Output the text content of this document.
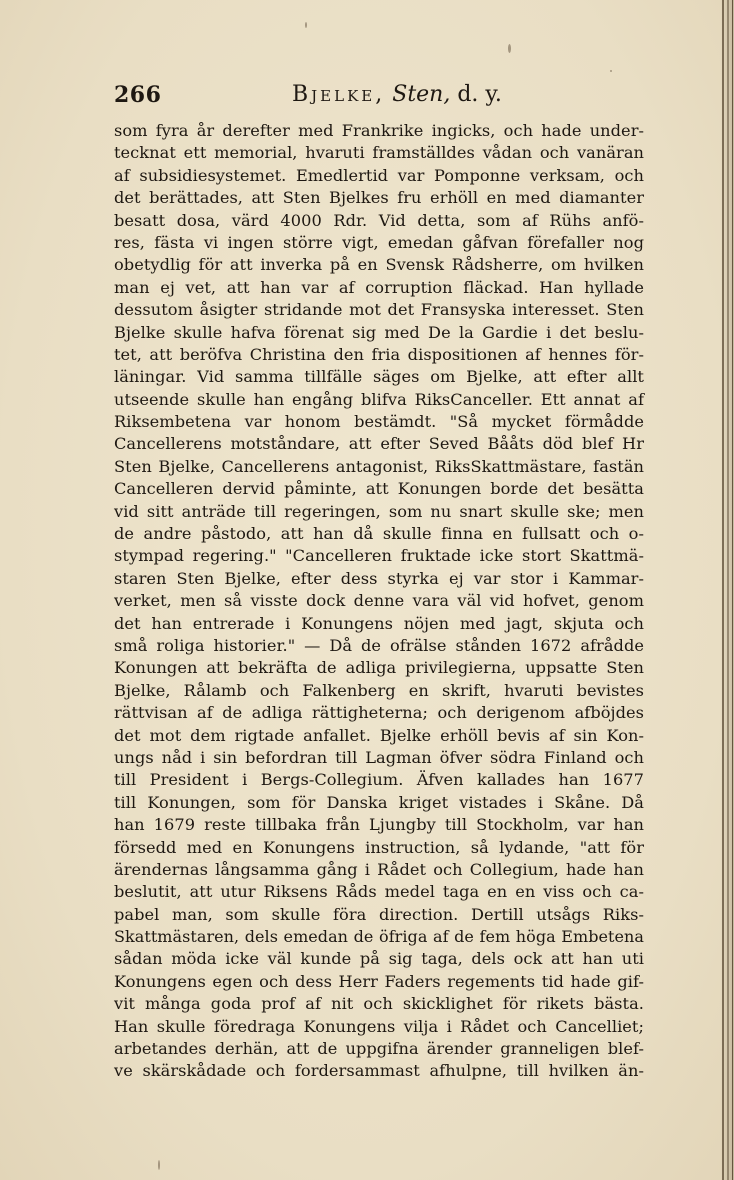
266	Bjelke, Sten, d. y.
som fyra år derefter med Frankrike ingicks, och hade under-
tecknat ett memorial, hvaruti framställdes vådan och vanäran
af subsidiesystemet. Emedlertid var Pomponne verksam, och
det berättades, att Sten Bjelkes fru erhöll en med diamanter
besatt dosa, värd 4000 Rdr. Vid detta, som af Rühs anfö-
res, fästa vi ingen större vigt, emedan gåfvan förefaller nog
obetydlig för att inverka på en Svensk Rådsherre, om hvilken
man ej vet, att han var af corruption fläckad. Han hyllade
dessutom åsigter stridande mot det Fransyska interesset. Sten
Bjelke skulle hafva förenat sig med De la Gardie i det beslu-
tet, att beröfva Christina den fria dispositionen af hennes för-
läningar. Vid samma tillfälle säges om Bjelke, att efter allt
utseende skulle han engång blifva RiksCanceller. Ett annat af
Riksembetena var honom bestämdt. "Så mycket förmådde
Cancellerens motståndare, att efter Seved Bååts död blef Hr
Sten Bjelke, Cancellerens antagonist, RiksSkattmästare, fastän
Cancelleren dervid påminte, att Konungen borde det besätta
vid sitt anträde till regeringen, som nu snart skulle ske; men
de andre påstodo, att han då skulle finna en fullsatt och o-
stympad regering." "Cancelleren fruktade icke stort Skattmä-
staren Sten Bjelke, efter dess styrka ej var stor i Kammar-
verket, men så visste dock denne vara väl vid hofvet, genom
det han entrerade i Konungens nöjen med jagt, skjuta och
små roliga historier." — Då de ofrälse stånden 1672 afrådde
Konungen att bekräfta de adliga privilegierna, uppsatte Sten
Bjelke, Rålamb och Falkenberg en skrift, hvaruti bevistes
rättvisan af de adliga rättigheterna; och derigenom afböjdes
det mot dem rigtade anfallet. Bjelke erhöll bevis af sin Kon-
ungs nåd i sin befordran till Lagman öfver södra Finland och
till President i Bergs-Collegium. Äfven kallades han 1677
till Konungen, som för Danska kriget vistades i Skåne. Då
han 1679 reste tillbaka från Ljungby till Stockholm, var han
försedd med en Konungens instruction, så lydande, "att för
ärendernas långsamma gång i Rådet och Collegium, hade han
beslutit, att utur Riksens Råds medel taga en en viss och ca-
pabel man, som skulle föra direction. Dertill utsågs Riks-
Skattmästaren, dels emedan de öfriga af de fem höga Embetena
sådan möda icke väl kunde på sig taga, dels ock att han uti
Konungens egen och dess Herr Faders regements tid hade gif-
vit många goda prof af nit och skicklighet för rikets bästa.
Han skulle föredraga Konungens vilja i Rådet och Cancelliet;
arbetandes derhän, att de uppgifna ärender granneligen blef-
ve skärskådade och fordersammast afhulpne, till hvilken än-
